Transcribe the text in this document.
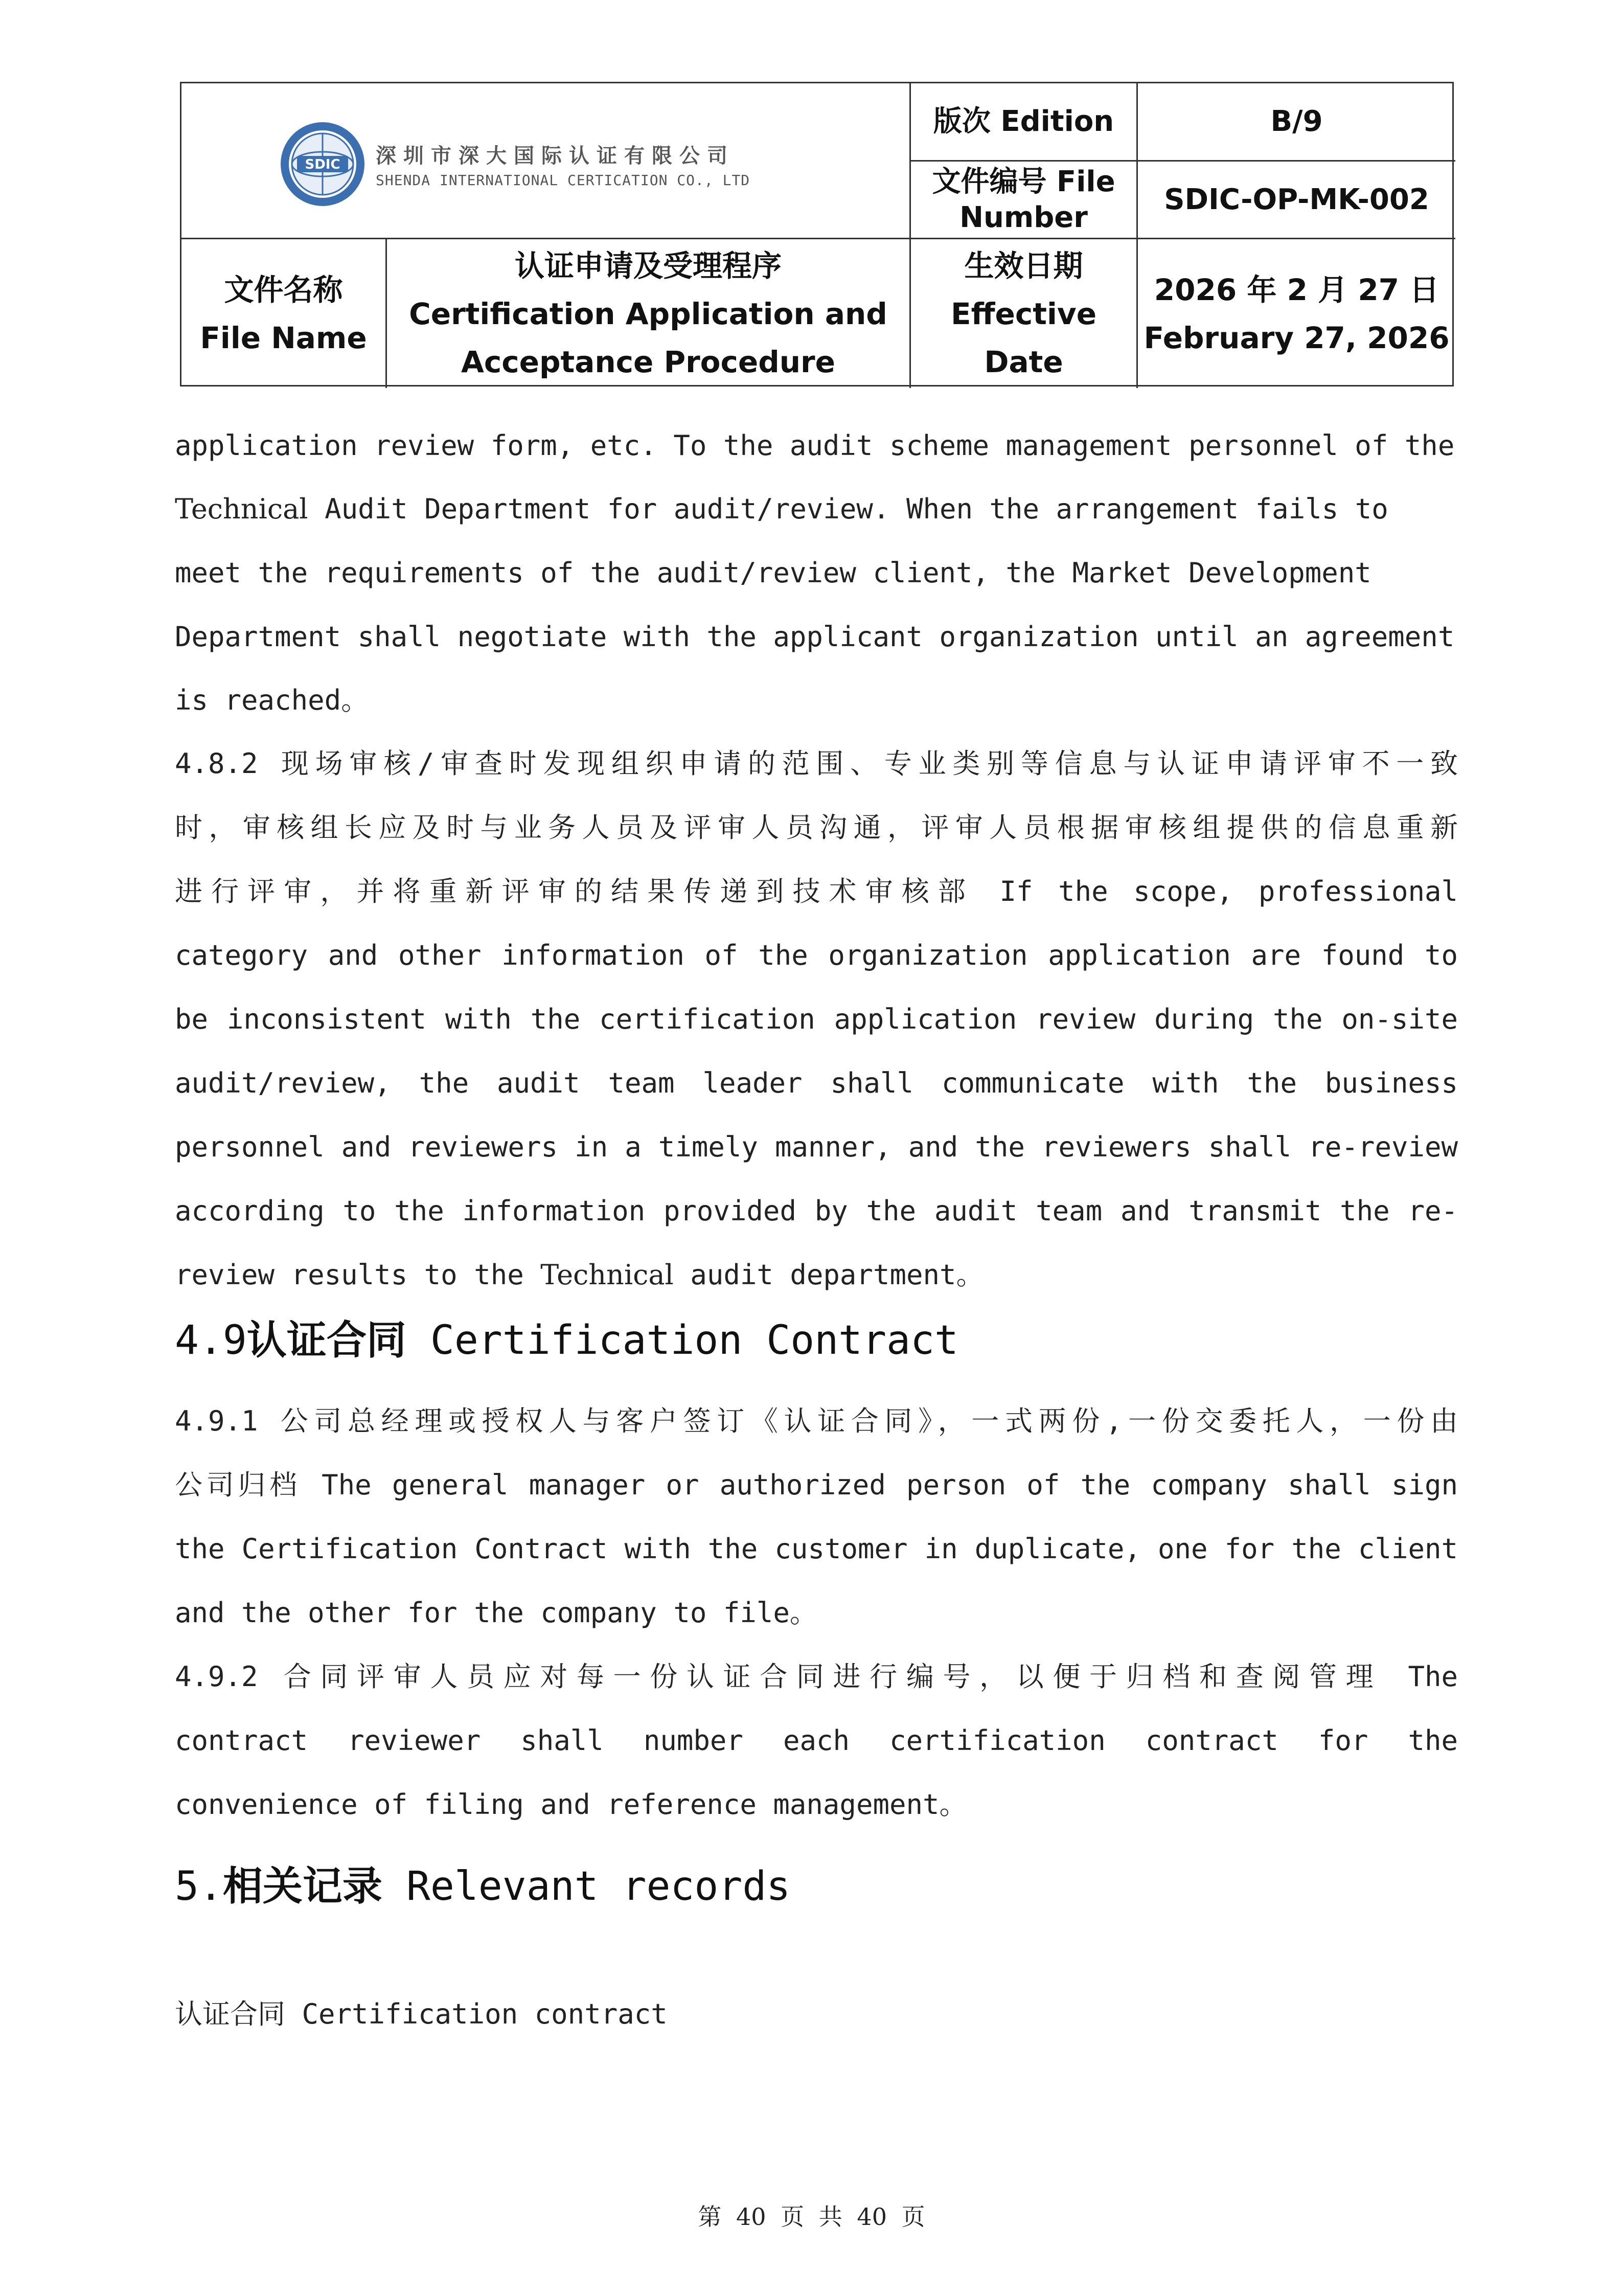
SDIC 深圳市深大国际认证有限公司
SHENDA INTERNATIONAL CERTICATION CO., LTD
版次 Edition	B/9
文件编号 File
Number
SDIC-OP-MK-002
文件名称
File Name
认证申请及受理程序
Certification Application and
Acceptance Procedure
生效日期
Effective
Date
2026 年 2 月 27 日
February 27, 2026
application review form, etc. To the audit scheme management personnel of the
Technical Audit Department for audit/review. When the arrangement fails to
meet the requirements of the audit/review client, the Market Development
Department shall negotiate with the applicant organization until an agreement
is reached。
4.8.2 现场审核/审查时发现组织申请的范围、专业类别等信息与认证申请评审不一致
时，审核组长应及时与业务人员及评审人员沟通，评审人员根据审核组提供的信息重新
进行评审，并将重新评审的结果传递到技术审核部 If the scope, professional
category and other information of the organization application are found to
be inconsistent with the certification application review during the on-site
audit/review, the audit team leader shall communicate with the business
personnel and reviewers in a timely manner, and the reviewers shall re-review
according to the information provided by the audit team and transmit the re-
review results to the Technical audit department。
4.9认证合同 Certification Contract
4.9.1 公司总经理或授权人与客户签订《认证合同》，一式两份,一份交委托人，一份由
公司归档 The general manager or authorized person of the company shall sign
the Certification Contract with the customer in duplicate, one for the client
and the other for the company to file。
4.9.2 合同评审人员应对每一份认证合同进行编号，以便于归档和查阅管理 The
contract reviewer shall number each certification contract for the
convenience of filing and reference management。
5.相关记录 Relevant records
认证合同 Certification contract
第 40 页 共 40 页
